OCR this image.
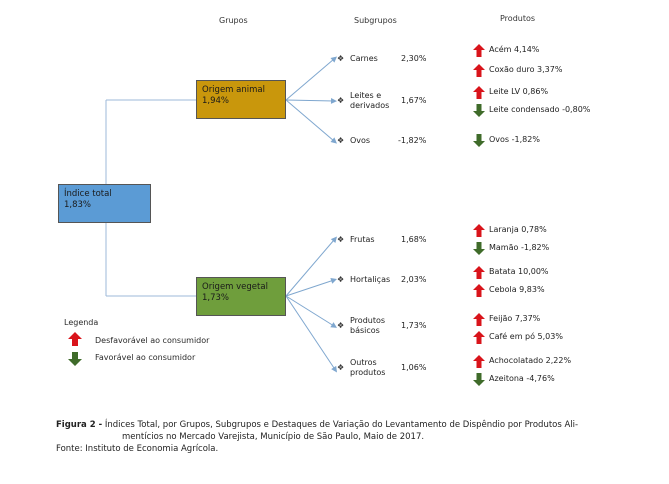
Grupos	Subgrupos	Produtos
Índice total
1,83%
Origem animal
1,94%
Origem vegetal
1,73%
❖ Carnes	2,30%
Acém 4,14%
Coxão duro 3,37%
❖
Leites e
derivados
1,67%
Leite LV 0,86%
Leite condensado -0,80%
❖ Ovos	-1,82%	Ovos -1,82%
❖ Frutas	1,68%
Laranja 0,78%
Mamão -1,82%
❖ Hortaliças 2,03%
Batata 10,00%
Cebola 9,83%
❖
Produtos
básicos
1,73%
Feijão 7,37%
Café em pó 5,03%
❖
Outros
produtos
1,06%
Achocolatado 2,22%
Azeitona -4,76%
Legenda
Desfavorável ao consumidor
Favorável ao consumidor
Figura 2 - Índices Total, por Grupos, Subgrupos e Destaques de Variação do Levantamento de Dispêndio por Produtos Ali-
mentícios no Mercado Varejista, Município de São Paulo, Maio de 2017.
Fonte: Instituto de Economia Agrícola.
